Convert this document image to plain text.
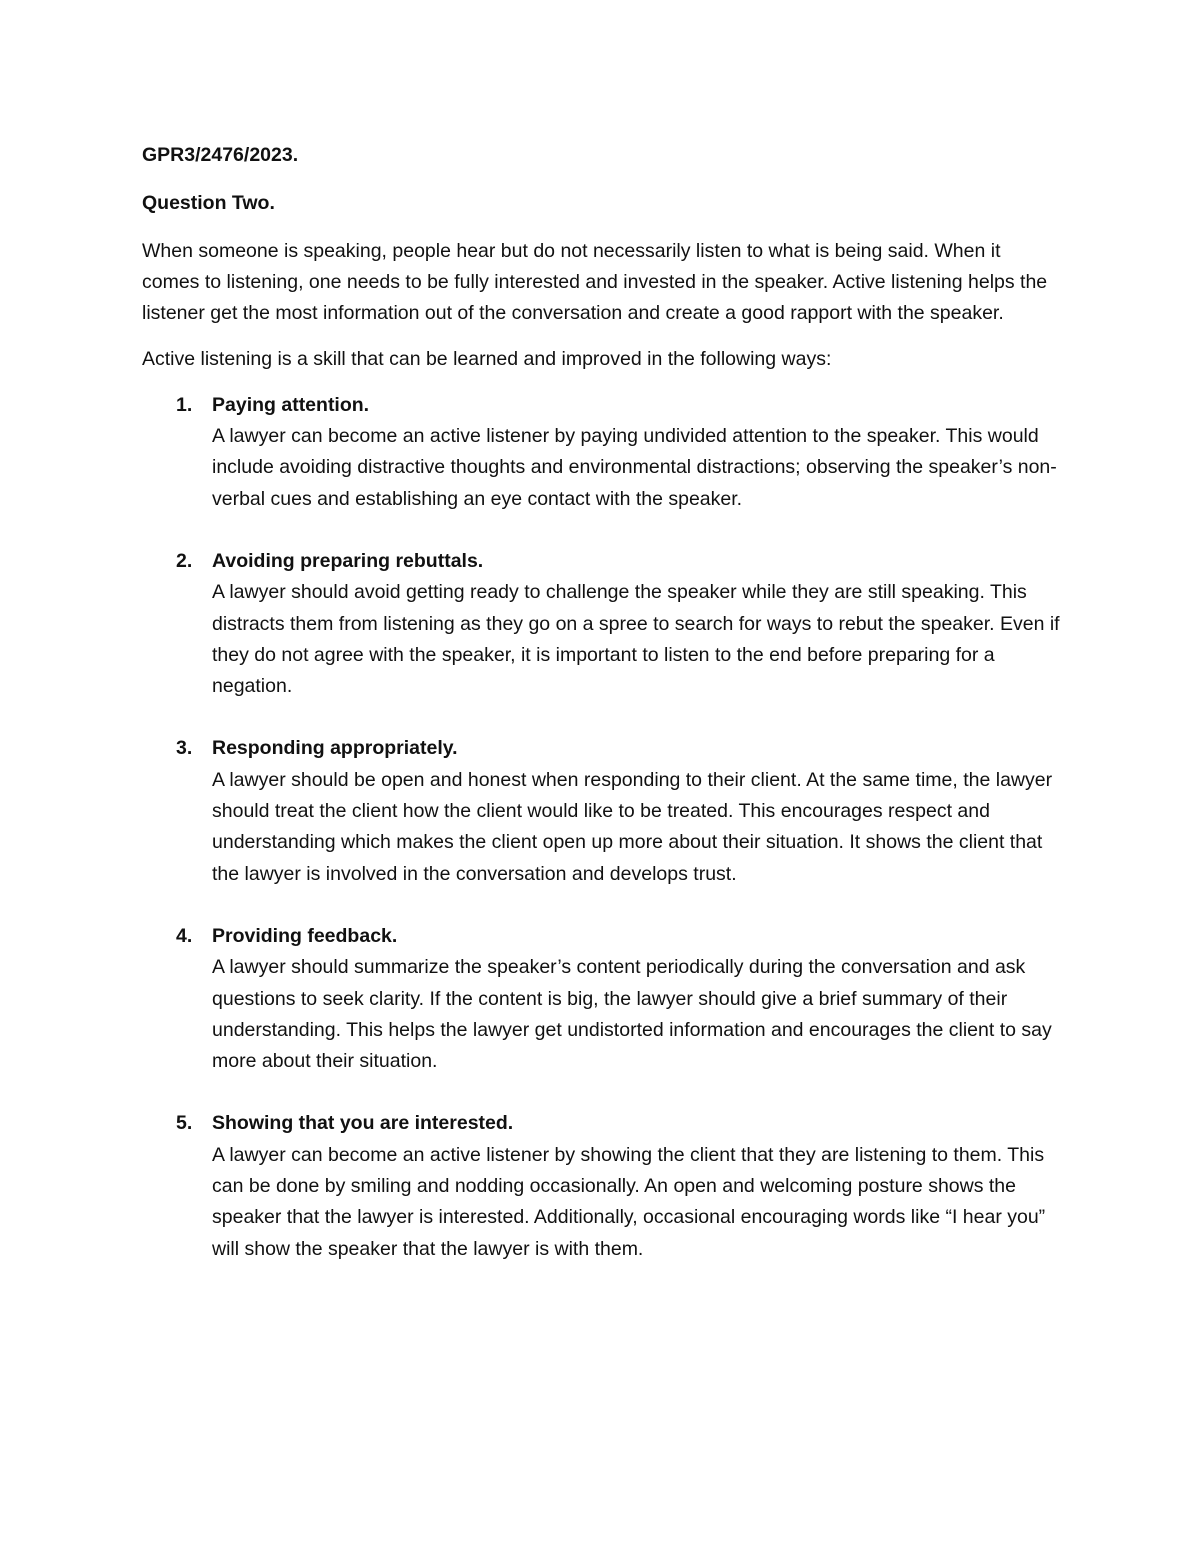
GPR3/2476/2023.

Question Two.

When someone is speaking, people hear but do not necessarily listen to what is being said. When it comes to listening, one needs to be fully interested and invested in the speaker. Active listening helps the listener get the most information out of the conversation and create a good rapport with the speaker.

Active listening is a skill that can be learned and improved in the following ways:

1. Paying attention.
A lawyer can become an active listener by paying undivided attention to the speaker. This would include avoiding distractive thoughts and environmental distractions; observing the speaker’s non-verbal cues and establishing an eye contact with the speaker.
2. Avoiding preparing rebuttals.
A lawyer should avoid getting ready to challenge the speaker while they are still speaking. This distracts them from listening as they go on a spree to search for ways to rebut the speaker. Even if they do not agree with the speaker, it is important to listen to the end before preparing for a negation.
3. Responding appropriately.
A lawyer should be open and honest when responding to their client. At the same time, the lawyer should treat the client how the client would like to be treated. This encourages respect and understanding which makes the client open up more about their situation. It shows the client that the lawyer is involved in the conversation and develops trust.
4. Providing feedback.
A lawyer should summarize the speaker’s content periodically during the conversation and ask questions to seek clarity. If the content is big, the lawyer should give a brief summary of their understanding. This helps the lawyer get undistorted information and encourages the client to say more about their situation.
5. Showing that you are interested.
A lawyer can become an active listener by showing the client that they are listening to them. This can be done by smiling and nodding occasionally. An open and welcoming posture shows the speaker that the lawyer is interested. Additionally, occasional encouraging words like “I hear you” will show the speaker that the lawyer is with them.
